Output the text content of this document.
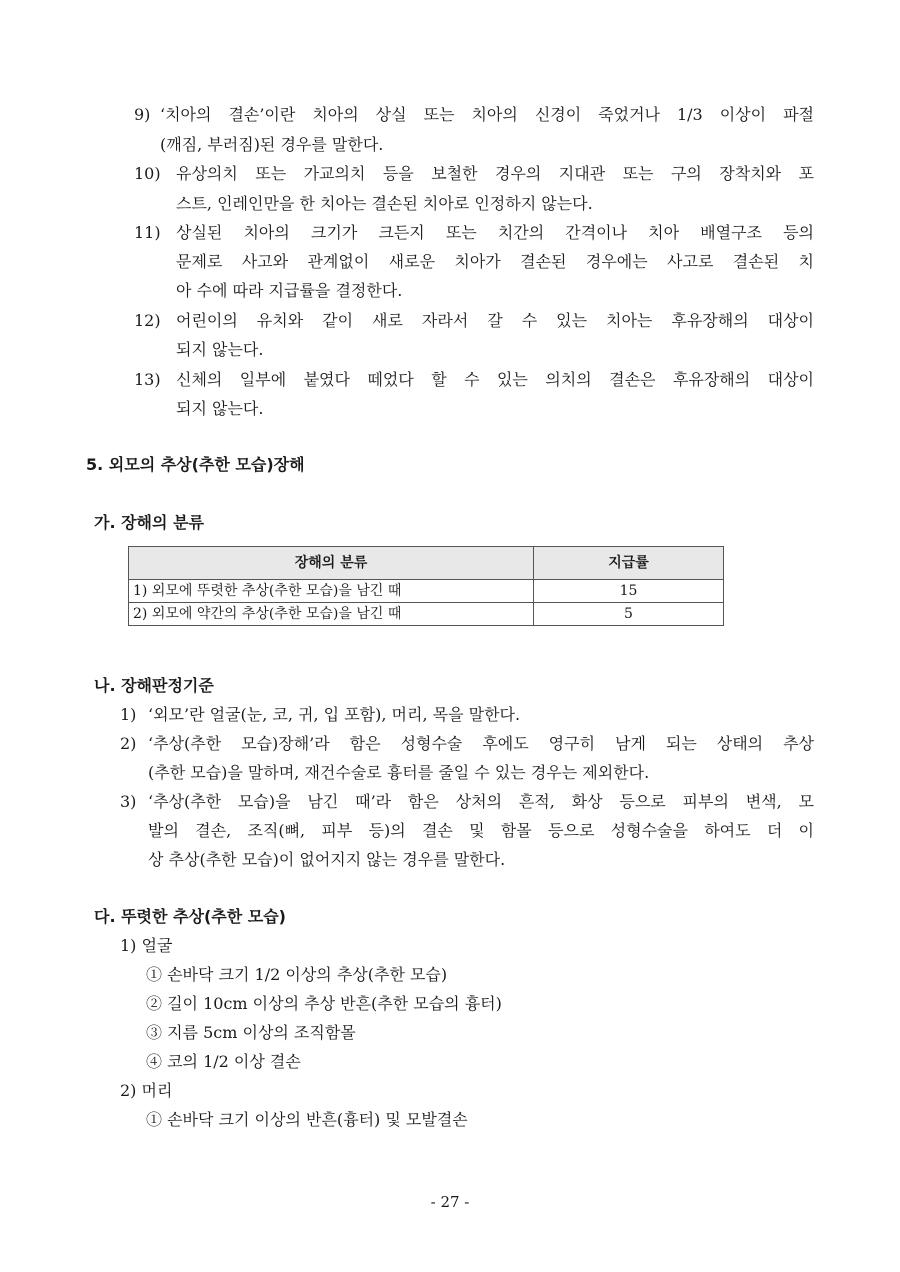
9) ‘치아의 결손’이란 치아의 상실 또는 치아의 신경이 죽었거나 1/3 이상이 파절
(깨짐, 부러짐)된 경우를 말한다.
10) 유상의치 또는 가교의치 등을 보철한 경우의 지대관 또는 구의 장착치와 포
스트, 인레인만을 한 치아는 결손된 치아로 인정하지 않는다.
11) 상실된 치아의 크기가 크든지 또는 치간의 간격이나 치아 배열구조 등의
문제로 사고와 관계없이 새로운 치아가 결손된 경우에는 사고로 결손된 치
아 수에 따라 지급률을 결정한다.
12) 어린이의 유치와 같이 새로 자라서 갈 수 있는 치아는 후유장해의 대상이
되지 않는다.
13) 신체의 일부에 붙였다 떼었다 할 수 있는 의치의 결손은 후유장해의 대상이
되지 않는다.
5. 외모의 추상(추한 모습)장해
가. 장해의 분류
장해의 분류	지급률
1) 외모에 뚜렷한 추상(추한 모습)을 남긴 때	15
2) 외모에 약간의 추상(추한 모습)을 남긴 때	5
나. 장해판정기준
1) ‘외모’란 얼굴(눈, 코, 귀, 입 포함), 머리, 목을 말한다.
2) ‘추상(추한 모습)장해’라 함은 성형수술 후에도 영구히 남게 되는 상태의 추상
(추한 모습)을 말하며, 재건수술로 흉터를 줄일 수 있는 경우는 제외한다.
3) ‘추상(추한 모습)을 남긴 때’라 함은 상처의 흔적, 화상 등으로 피부의 변색, 모
발의 결손, 조직(뼈, 피부 등)의 결손 및 함몰 등으로 성형수술을 하여도 더 이
상 추상(추한 모습)이 없어지지 않는 경우를 말한다.
다. 뚜렷한 추상(추한 모습)
1) 얼굴
① 손바닥 크기 1/2 이상의 추상(추한 모습)
② 길이 10cm 이상의 추상 반흔(추한 모습의 흉터)
③ 지름 5cm 이상의 조직함몰
④ 코의 1/2 이상 결손
2) 머리
① 손바닥 크기 이상의 반흔(흉터) 및 모발결손
- 27 -
